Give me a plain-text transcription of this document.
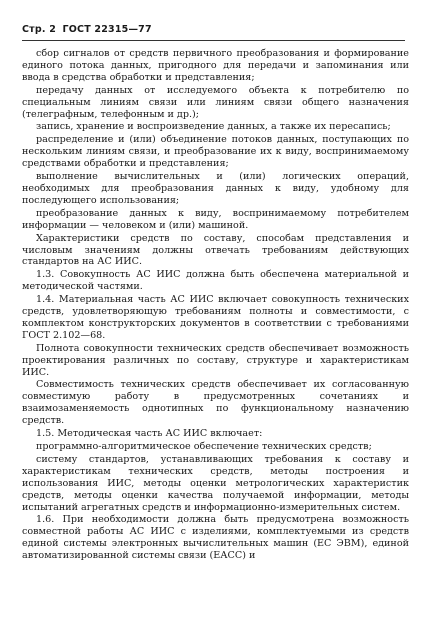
Стр. 2 ГОСТ 22315—77

сбор сигналов от средств первичного преобразования и формирование единого потока данных, пригодного для передачи и запоминания или ввода в средства обработки и представления;

передачу данных от исследуемого объекта к потребителю по специальным линиям связи или линиям связи общего назначения (телеграфным, телефонным и др.);

запись, хранение и воспроизведение данных, а также их пересапись;

распределение и (или) объединение потоков данных, поступающих по нескольким линиям связи, и преобразование их к виду, воспринимаемому средствами обработки и представления;

выполнение вычислительных и (или) логических операций, необходимых для преобразования данных к виду, удобному для последующего использования;

преобразование данных к виду, воспринимаемому потребителем информации — человеком и (или) машиной.

Характеристики средств по составу, способам представления и числовым значениям должны отвечать требованиям действующих стандартов на АС ИИС.

1.3. Совокупность АС ИИС должна быть обеспечена материальной и методической частями.

1.4. Материальная часть АС ИИС включает совокупность технических средств, удовлетворяющую требованиям полноты и совместимости, с комплектом конструкторских документов в соответствии с требованиями ГОСТ 2.102—68.

Полнота совокупности технических средств обеспечивает возможность проектирования различных по составу, структуре и характеристикам ИИС.

Совместимость технических средств обеспечивает их согласованную совместимую работу в предусмотренных сочетаниях и взаимозаменяемость однотипных по функциональному назначению средств.

1.5. Методическая часть АС ИИС включает:

программно-алгоритмическое обеспечение технических средств;

систему стандартов, устанавливающих требования к составу и характеристикам технических средств, методы построения и использования ИИС, методы оценки метрологических характеристик средств, методы оценки качества получаемой информации, методы испытаний агрегатных средств и информационно-измерительных систем.

1.6. При необходимости должна быть предусмотрена возможность совместной работы АС ИИС с изделиями, комплектуемыми из средств единой системы электронных вычислительных машин (ЕС ЭВМ), единой автоматизированной системы связи (ЕАСС) и
